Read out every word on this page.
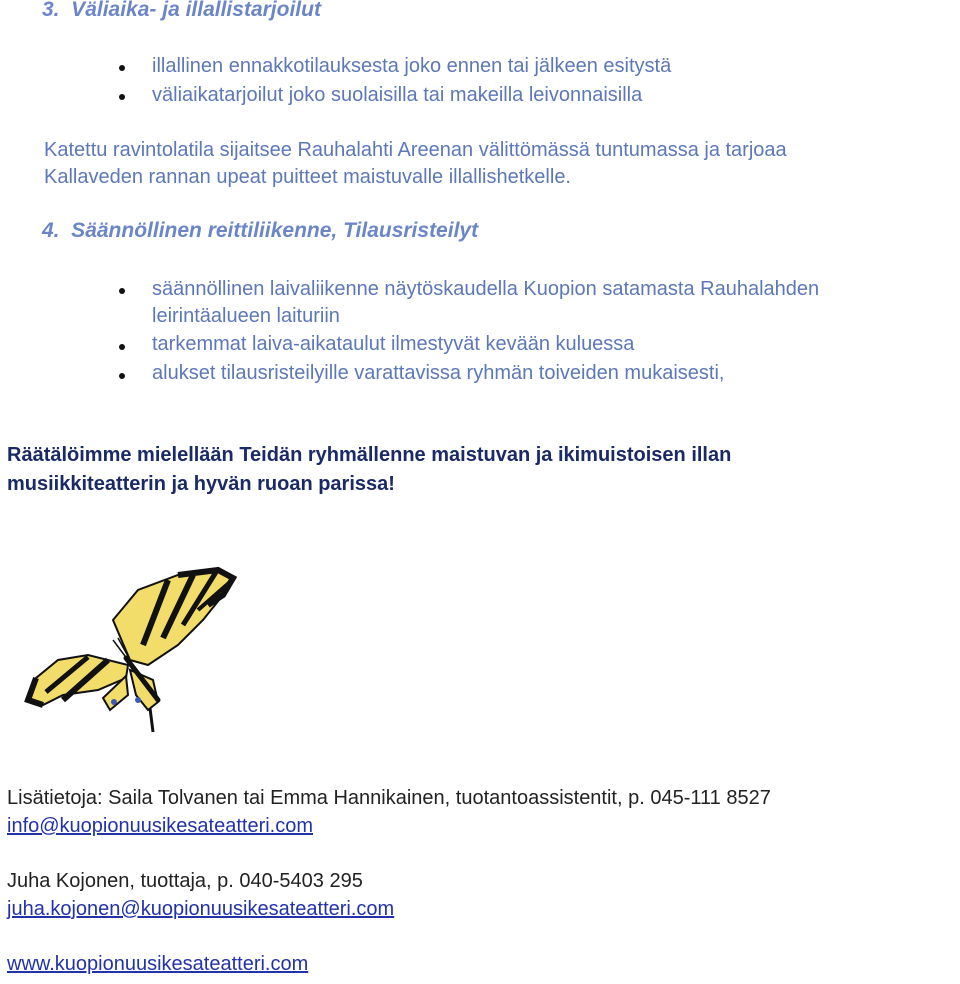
3.  Väliaika- ja illallistarjoilut
illallinen ennakkotilauksesta joko ennen tai jälkeen esitystä
väliaikatarjoilut joko suolaisilla tai makeilla leivonnaisilla
Katettu ravintolatila sijaitsee Rauhalahti Areenan välittömässä tuntumassa ja tarjoaa
Kallaveden rannan upeat puitteet maistuvalle illallishetkelle.
4.  Säännöllinen reittiliikenne, Tilausristeilyt
säännöllinen laivaliikenne näytöskaudella Kuopion satamasta Rauhalahden
leirintäalueen laituriin
tarkemmat laiva-aikataulut ilmestyvät kevään kuluessa
alukset tilausristeilyille varattavissa ryhmän toiveiden mukaisesti,
Räätälöimme mielellään Teidän ryhmällenne maistuvan ja ikimuistoisen illan
musiikkiteatterin ja hyvän ruoan parissa!
Lisätietoja: Saila Tolvanen tai Emma Hannikainen, tuotantoassistentit, p. 045-111 8527
info@kuopionuusikesateatteri.com
Juha Kojonen, tuottaja, p. 040-5403 295
juha.kojonen@kuopionuusikesateatteri.com
www.kuopionuusikesateatteri.com
